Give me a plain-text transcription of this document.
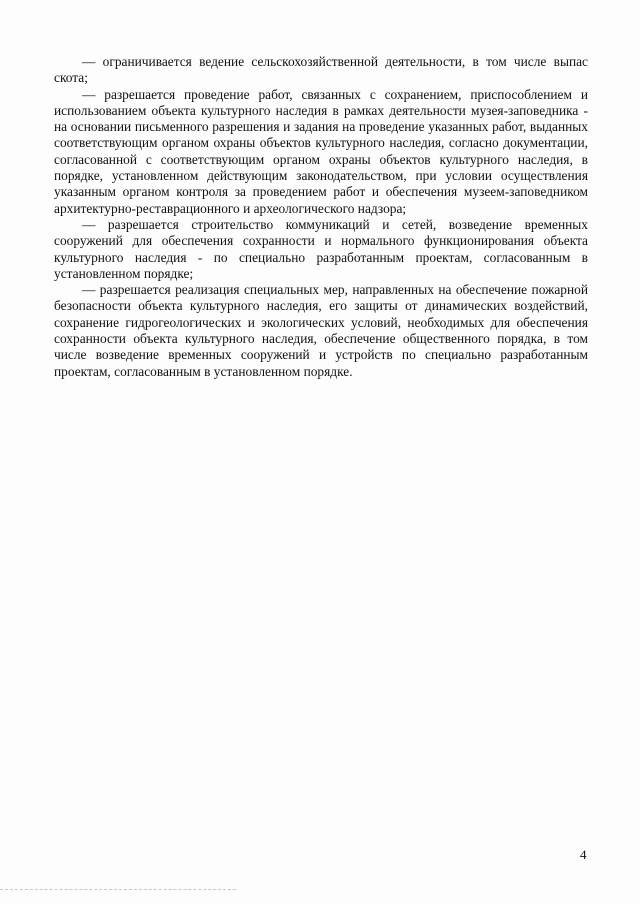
— ограничивается ведение сельскохозяйственной деятельности, в том числе выпас скота;

— разрешается проведение работ, связанных с сохранением, приспособлением и использованием объекта культурного наследия в рамках деятельности музея-заповедника - на основании письменного разрешения и задания на проведение указанных работ, выданных соответствующим органом охраны объектов культурного наследия, согласно документации, согласованной с соответствующим органом охраны объектов культурного наследия, в порядке, установленном действующим законодательством, при условии осуществления указанным органом контроля за проведением работ и обеспечения музеем-заповедником архитектурно-реставрационного и археологического надзора;

— разрешается строительство коммуникаций и сетей, возведение временных сооружений для обеспечения сохранности и нормального функционирования объекта культурного наследия - по специально разработанным проектам, согласованным в установленном порядке;

— разрешается реализация специальных мер, направленных на обеспечение пожарной безопасности объекта культурного наследия, его защиты от динамических воздействий, сохранение гидрогеологических и экологических условий, необходимых для обеспечения сохранности объекта культурного наследия, обеспечение общественного порядка, в том числе возведение временных сооружений и устройств по специально разработанным проектам, согласованным в установленном порядке.

4
